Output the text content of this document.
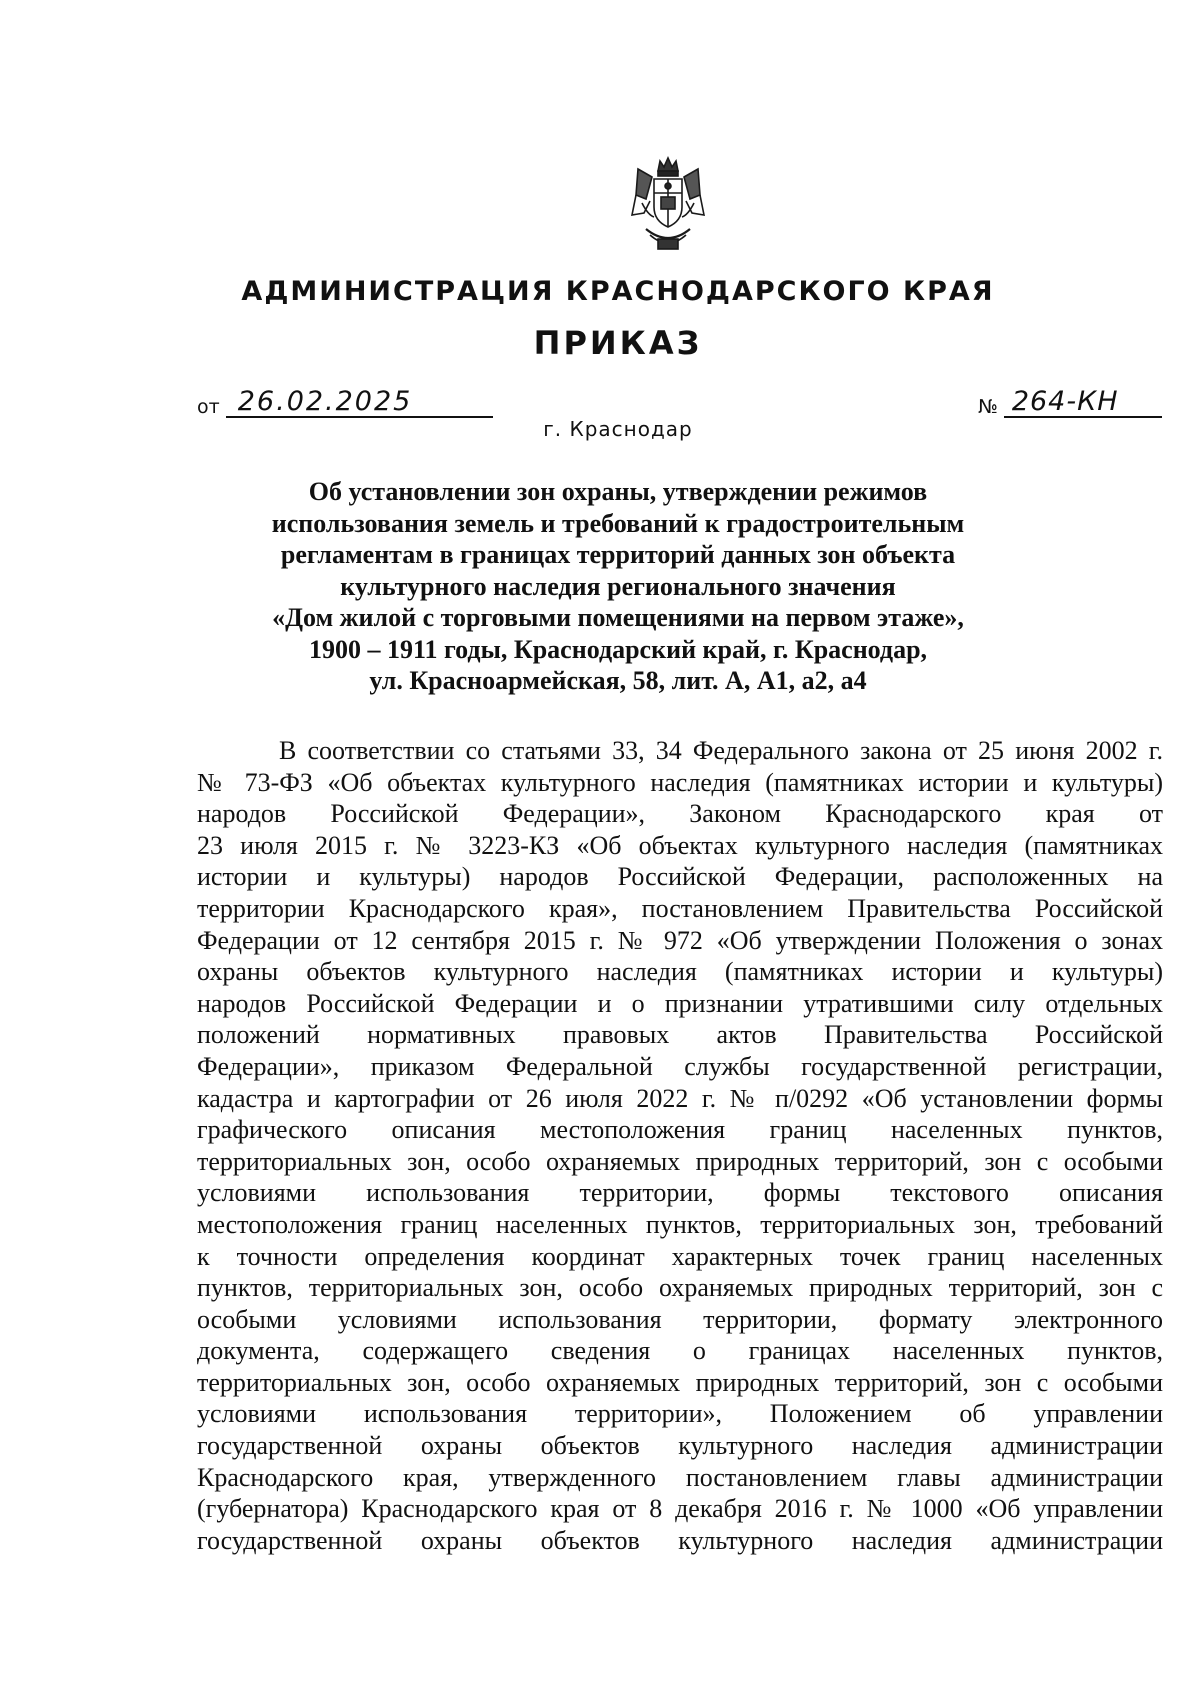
АДМИНИСТРАЦИЯ КРАСНОДАРСКОГО КРАЯ
ПРИКАЗ
от 26.02.2025	№ 264-КН
г. Краснодар
Об установлении зон охраны, утверждении режимов
использования земель и требований к градостроительным
регламентам в границах территорий данных зон объекта
культурного наследия регионального значения
«Дом жилой с торговыми помещениями на первом этаже»,
1900 – 1911 годы, Краснодарский край, г. Краснодар,
ул. Красноармейская, 58, лит. А, А1, а2, а4
В соответствии со статьями 33, 34 Федерального закона от 25 июня 2002 г.
№ 73-ФЗ «Об объектах культурного наследия (памятниках истории и культуры)
народов Российской Федерации», Законом Краснодарского края от
23 июля 2015 г. № 3223-КЗ «Об объектах культурного наследия (памятниках
истории и культуры) народов Российской Федерации, расположенных на
территории Краснодарского края», постановлением Правительства Российской
Федерации от 12 сентября 2015 г. № 972 «Об утверждении Положения о зонах
охраны объектов культурного наследия (памятниках истории и культуры)
народов Российской Федерации и о признании утратившими силу отдельных
положений нормативных правовых актов Правительства Российской
Федерации», приказом Федеральной службы государственной регистрации,
кадастра и картографии от 26 июля 2022 г. № п/0292 «Об установлении формы
графического описания местоположения границ населенных пунктов,
территориальных зон, особо охраняемых природных территорий, зон с особыми
условиями использования территории, формы текстового описания
местоположения границ населенных пунктов, территориальных зон, требований
к точности определения координат характерных точек границ населенных
пунктов, территориальных зон, особо охраняемых природных территорий, зон с
особыми условиями использования территории, формату электронного
документа, содержащего сведения о границах населенных пунктов,
территориальных зон, особо охраняемых природных территорий, зон с особыми
условиями использования территории», Положением об управлении
государственной охраны объектов культурного наследия администрации
Краснодарского края, утвержденного постановлением главы администрации
(губернатора) Краснодарского края от 8 декабря 2016 г. № 1000 «Об управлении
государственной охраны объектов культурного наследия администрации
